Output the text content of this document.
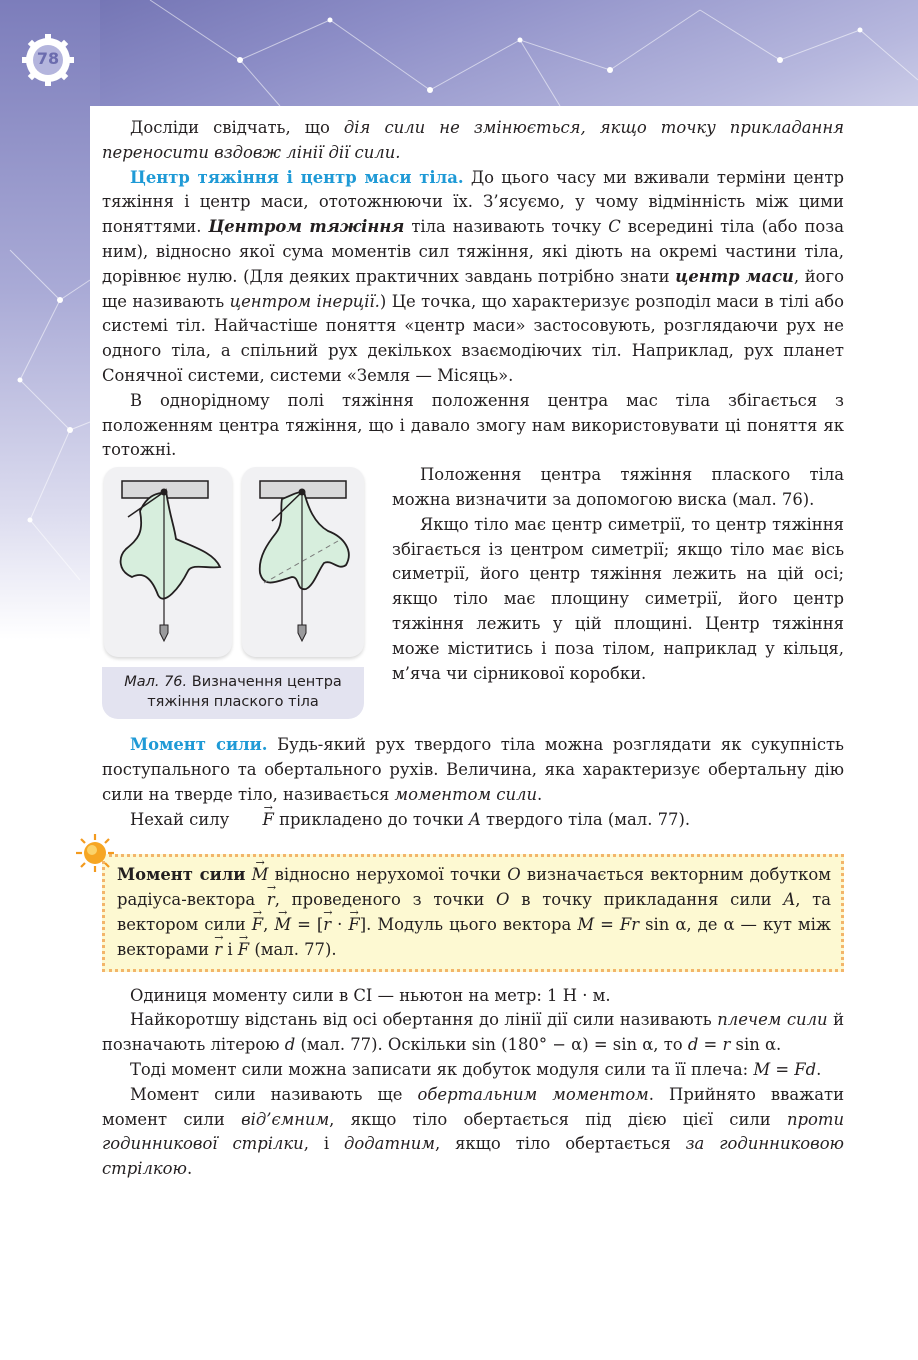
78

Досліди свідчать, що дія сили не змінюється, якщо точку прикладання переносити вздовж лінії дії сили.

Центр тяжіння і центр маси тіла. До цього часу ми вживали терміни центр тяжіння і центр маси, ототожнюючи їх. З’ясуємо, у чому відмінність між цими поняттями. Центром тяжіння тіла називають точку C всередині тіла (або поза ним), відносно якої сума моментів сил тяжіння, які діють на окремі частини тіла, дорівнює нулю. (Для деяких практичних завдань потрібно знати центр маси, його ще називають центром інерції.) Це точка, що характеризує розподіл маси в тілі або системі тіл. Найчастіше поняття «центр маси» застосовують, розглядаючи рух не одного тіла, а спільний рух декількох взаємодіючих тіл. Наприклад, рух планет Сонячної системи, системи «Земля — Місяць».

В однорідному полі тяжіння положення центра мас тіла збігається з положенням центра тяжіння, що і давало змогу нам використовувати ці поняття як тотожні.

Мал. 76. Визначення центра тяжіння плаского тіла

Положення центра тяжіння плаского тіла можна визначити за допомогою виска (мал. 76).

Якщо тіло має центр симетрії, то центр тяжіння збігається із центром симетрії; якщо тіло має вісь симетрії, його центр тяжіння лежить на цій осі; якщо тіло має площину симетрії, його центр тяжіння лежить у цій площині. Центр тяжіння може міститись і поза тілом, наприклад у кільця, м’яча чи сірникової коробки.

Момент сили. Будь-який рух твердого тіла можна розглядати як сукупність поступального та обертального рухів. Величина, яка характеризує обертальну дію сили на тверде тіло, називається моментом сили.

Нехай силу → F прикладено до точки A твердого тіла (мал. 77).

Момент сили → M відносно нерухомої точки O визначається векторним добутком радіуса-вектора → r, проведеного з точки O в точку прикладання сили A, та вектором сили → F, → M = [→ r · → F]. Модуль цього вектора M = Fr sin α, де α — кут між векторами → r і → F (мал. 77).

Одиниця моменту сили в СІ — ньютон на метр: 1 Н · м.

Найкоротшу відстань від осі обертання до лінії дії сили називають плечем сили й позначають літерою d (мал. 77). Оскільки sin (180° − α) = sin α, то d = r sin α.

Тоді момент сили можна записати як добуток модуля сили та її плеча: M = Fd.

Момент сили називають ще обертальним моментом. Прийнято вважати момент сили від’ємним, якщо тіло обертається під дією цієї сили проти годинникової стрілки, і додатним, якщо тіло обертається за годинниковою стрілкою.
